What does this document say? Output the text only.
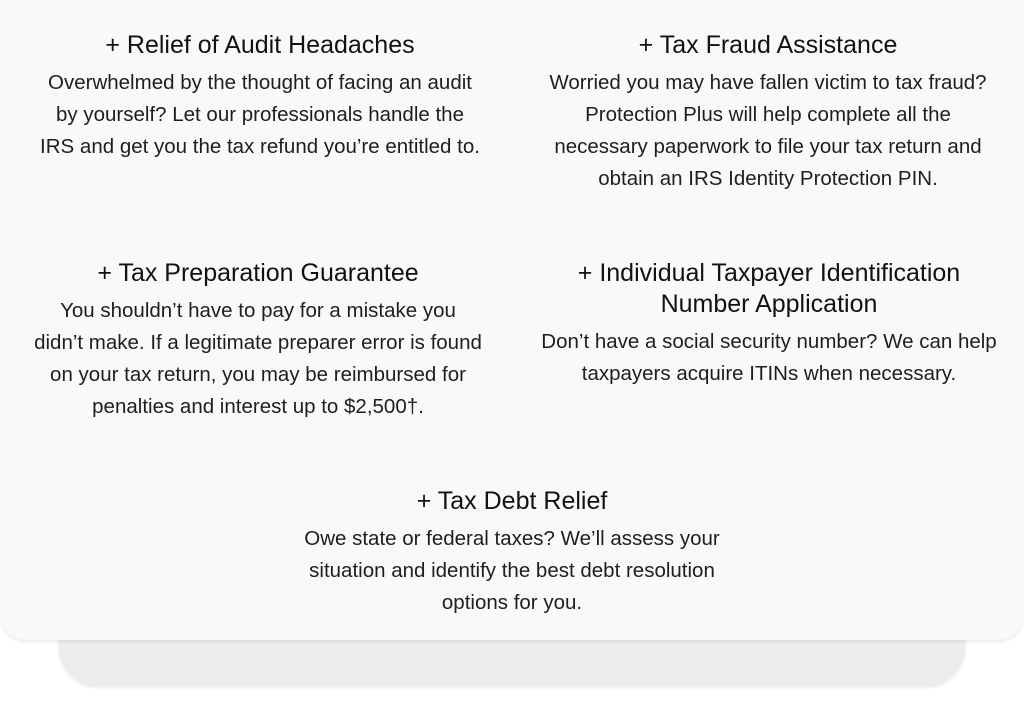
+ Relief of Audit Headaches

Overwhelmed by the thought of facing an audit by yourself? Let our professionals handle the IRS and get you the tax refund you’re entitled to.

+ Tax Fraud Assistance

Worried you may have fallen victim to tax fraud? Protection Plus will help complete all the necessary paperwork to file your tax return and obtain an IRS Identity Protection PIN.

+ Tax Preparation Guarantee

You shouldn’t have to pay for a mistake you didn’t make. If a legitimate preparer error is found on your tax return, you may be reimbursed for penalties and interest up to $2,500†.

+ Individual Taxpayer Identification Number Application

Don’t have a social security number? We can help taxpayers acquire ITINs when necessary.

+ Tax Debt Relief

Owe state or federal taxes? We’ll assess your situation and identify the best debt resolution options for you.
